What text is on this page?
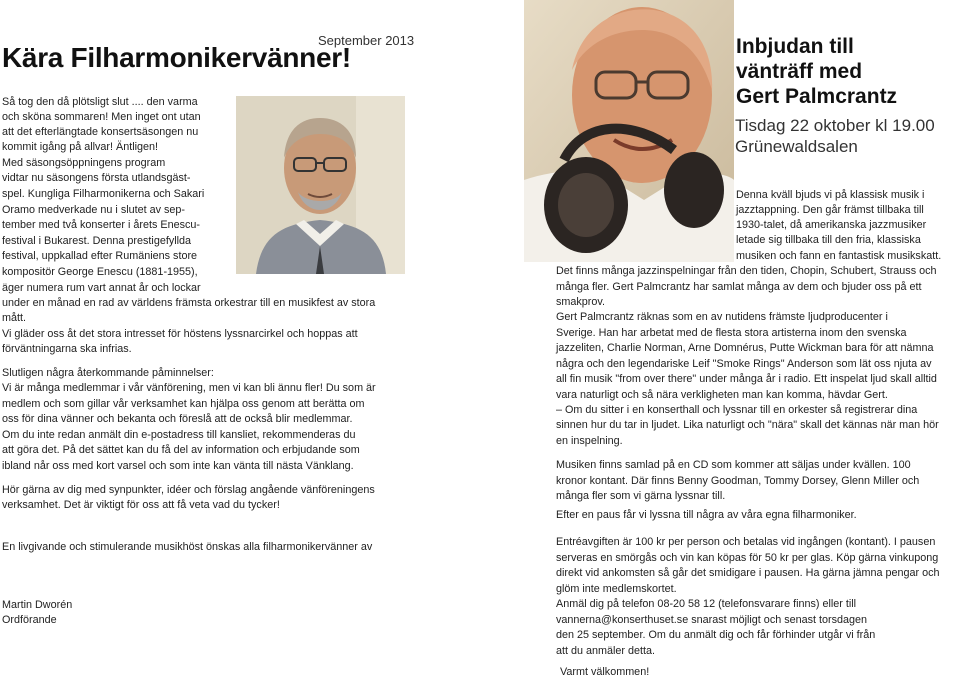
September 2013
Kära Filharmonikervänner!
Så tog den då plötsligt slut .... den varma
och sköna sommaren! Men inget ont utan
att det efterlängtade konsertsäsongen nu
kommit igång på allvar! Äntligen!
Med säsongsöppningens program
vidtar nu säsongens första utlandsgäst-
spel. Kungliga Filharmonikerna och Sakari
Oramo medverkade nu i slutet av sep-
tember med två konserter i årets Enescu-
festival i Bukarest. Denna prestigefyllda
festival, uppkallad efter Rumäniens store
kompositör George Enescu (1881-1955),
äger numera rum vart annat år och lockar
under en månad en rad av världens främsta orkestrar till en musikfest av stora
mått.
Vi gläder oss åt det stora intresset för höstens lyssnarcirkel och hoppas att
förväntningarna ska infrias.
Slutligen några återkommande påminnelser:
Vi är många medlemmar i vår vänförening, men vi kan bli ännu fler! Du som är
medlem och som gillar vår verksamhet kan hjälpa oss genom att berätta om
oss för dina vänner och bekanta och föreslå att de också blir medlemmar.
Om du inte redan anmält din e-postadress till kansliet, rekommenderas du
att göra det. På det sättet kan du få del av information och erbjudande som
ibland når oss med kort varsel och som inte kan vänta till nästa Vänklang.
Hör gärna av dig med synpunkter, idéer och förslag angående vänföreningens
verksamhet. Det är viktigt för oss att få veta vad du tycker!
En livgivande och stimulerande musikhöst önskas alla filharmonikervänner av
Martin Dworén
Ordförande
Inbjudan till
vänträff med
Gert Palmcrantz
Tisdag 22 oktober kl 19.00
Grünewaldsalen
Denna kväll bjuds vi på klassisk musik i
jazztappning. Den går främst tillbaka till
1930-talet, då amerikanska jazzmusiker
letade sig tillbaka till den fria, klassiska
musiken och fann en fantastisk musikskatt.
Det finns många jazzinspelningar från den tiden, Chopin, Schubert, Strauss och
många fler. Gert Palmcrantz har samlat många av dem och bjuder oss på ett
smakprov.
Gert Palmcrantz räknas som en av nutidens främste ljudproducenter i
Sverige. Han har arbetat med de flesta stora artisterna inom den svenska
jazzeliten, Charlie Norman, Arne Domnérus, Putte Wickman bara för att nämna
några och den legendariske Leif "Smoke Rings" Anderson som lät oss njuta av
all fin musik "from over there" under många år i radio. Ett inspelat ljud skall alltid
vara naturligt och så nära verkligheten man kan komma, hävdar Gert.
– Om du sitter i en konserthall och lyssnar till en orkester så registrerar dina
sinnen hur du tar in ljudet. Lika naturligt och "nära" skall det kännas när man hör
en inspelning.
Musiken finns samlad på en CD som kommer att säljas under kvällen. 100
kronor kontant. Där finns Benny Goodman, Tommy Dorsey, Glenn Miller och
många fler som vi gärna lyssnar till.
Efter en paus får vi lyssna till några av våra egna filharmoniker.
Entréavgiften är 100 kr per person och betalas vid ingången (kontant). I pausen
serveras en smörgås och vin kan köpas för 50 kr per glas. Köp gärna vinkupong
direkt vid ankomsten så går det smidigare i pausen. Ha gärna jämna pengar och
glöm inte medlemskortet.
Anmäl dig på telefon 08-20 58 12 (telefonsvarare finns) eller till
vannerna@konserthuset.se snarast möjligt och senast torsdagen
den 25 september. Om du anmält dig och får förhinder utgår vi från
att du anmäler detta.
Varmt välkommen!
